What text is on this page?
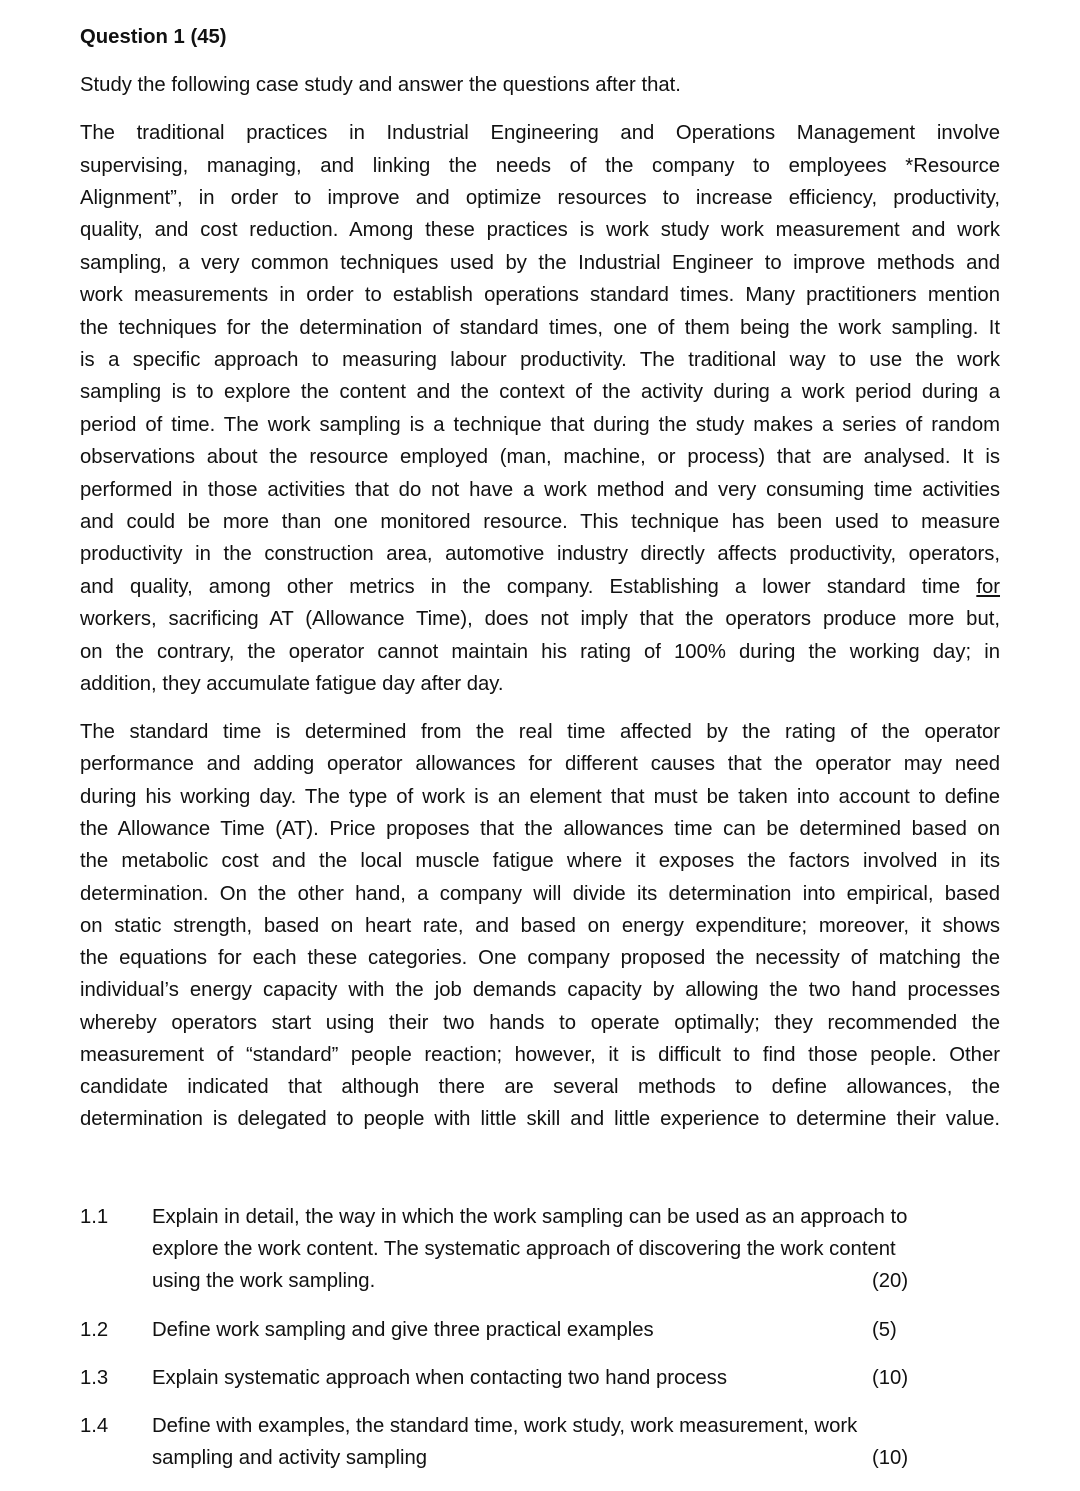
Question 1 (45)
Study the following case study and answer the questions after that.
The traditional practices in Industrial Engineering and Operations Management involve
supervising, managing, and linking the needs of the company to employees *Resource
Alignment”, in order to improve and optimize resources to increase efficiency, productivity,
quality, and cost reduction. Among these practices is work study work measurement and work
sampling, a very common techniques used by the Industrial Engineer to improve methods and
work measurements in order to establish operations standard times. Many practitioners mention
the techniques for the determination of standard times, one of them being the work sampling. It
is a specific approach to measuring labour productivity. The traditional way to use the work
sampling is to explore the content and the context of the activity during a work period during a
period of time. The work sampling is a technique that during the study makes a series of random
observations about the resource employed (man, machine, or process) that are analysed. It is
performed in those activities that do not have a work method and very consuming time activities
and could be more than one monitored resource. This technique has been used to measure
productivity in the construction area, automotive industry directly affects productivity, operators,
and quality, among other metrics in the company. Establishing a lower standard time for
workers, sacrificing AT (Allowance Time), does not imply that the operators produce more but,
on the contrary, the operator cannot maintain his rating of 100% during the working day; in
addition, they accumulate fatigue day after day.
The standard time is determined from the real time affected by the rating of the operator
performance and adding operator allowances for different causes that the operator may need
during his working day. The type of work is an element that must be taken into account to define
the Allowance Time (AT). Price proposes that the allowances time can be determined based on
the metabolic cost and the local muscle fatigue where it exposes the factors involved in its
determination. On the other hand, a company will divide its determination into empirical, based
on static strength, based on heart rate, and based on energy expenditure; moreover, it shows
the equations for each these categories. One company proposed the necessity of matching the
individual’s energy capacity with the job demands capacity by allowing the two hand processes
whereby operators start using their two hands to operate optimally; they recommended the
measurement of “standard” people reaction; however, it is difficult to find those people. Other
candidate indicated that although there are several methods to define allowances, the
determination is delegated to people with little skill and little experience to determine their value.
1.1 Explain in detail, the way in which the work sampling can be used as an approach to
explore the work content. The systematic approach of discovering the work content
using the work sampling.	(20)
1.2 Define work sampling and give three practical examples	(5)
1.3 Explain systematic approach when contacting two hand process	(10)
1.4 Define with examples, the standard time, work study, work measurement, work
sampling and activity sampling	(10)
